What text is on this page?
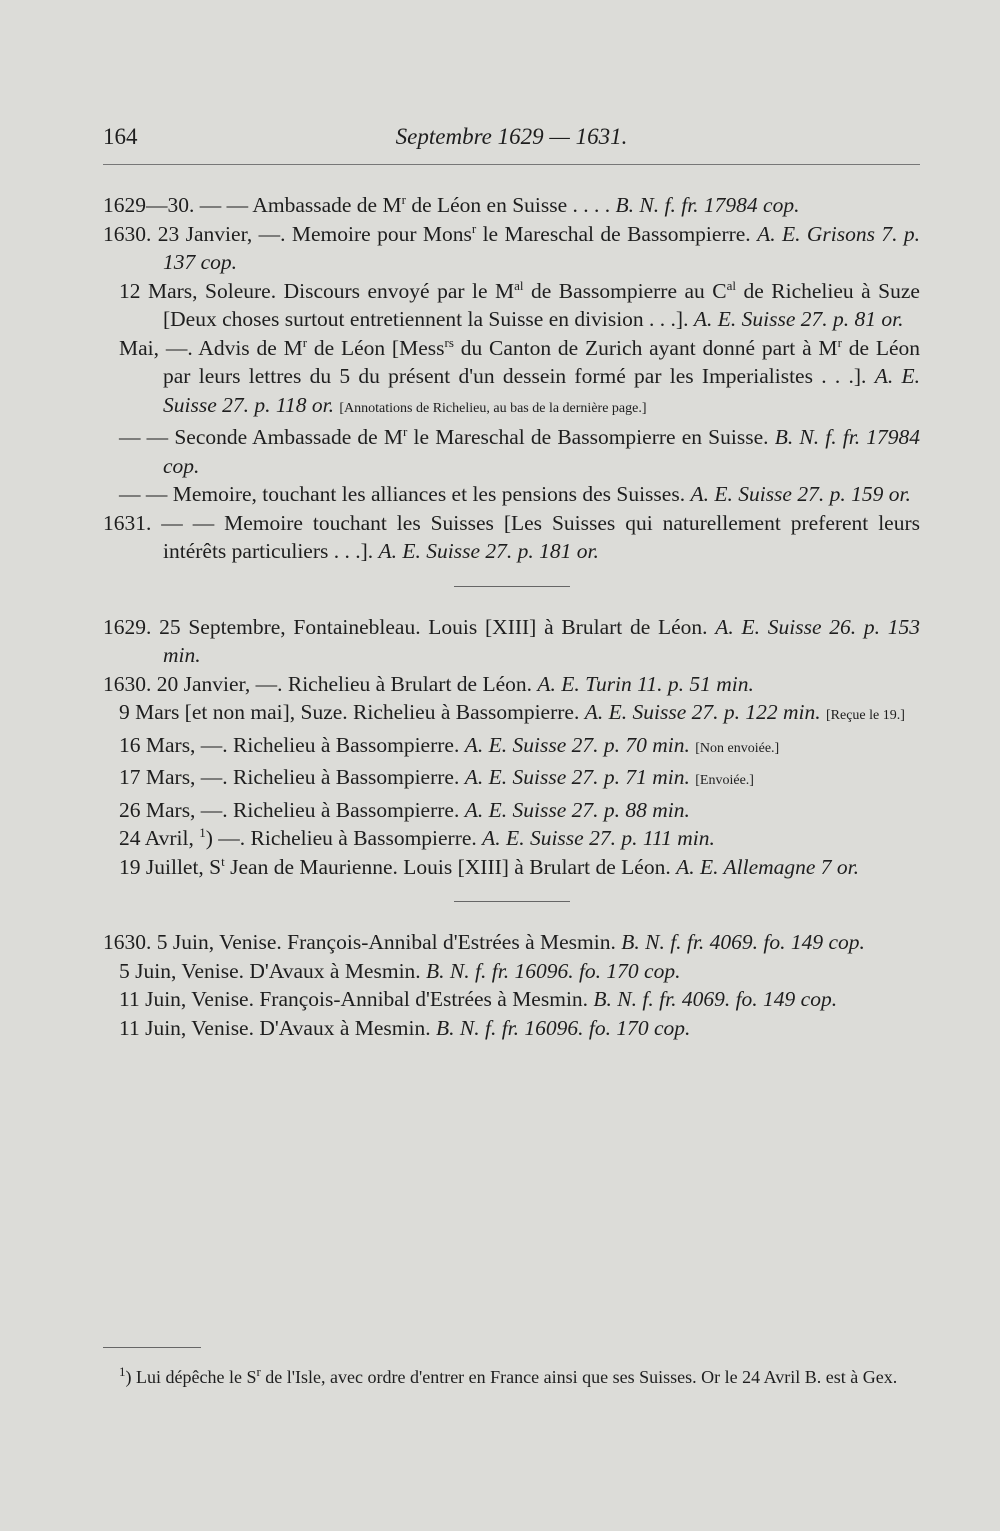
164	Septembre 1629 — 1631.

1629—30. — — Ambassade de $M^r$ de Léon en Suisse . . . . B. N. f. fr. 17984 cop.

1630. 23 Janvier, —. Memoire pour Mons$^r$ le Mareschal de Bassompierre. A. E. Grisons 7. p. 137 cop.

12 Mars, Soleure. Discours envoyé par le $M^{al}$ de Bassompierre au $C^{al}$ de Richelieu à Suze [Deux choses surtout entretiennent la Suisse en division . . .]. A. E. Suisse 27. p. 81 or.

Mai, —. Advis de $M^r$ de Léon [Mess$^{rs}$ du Canton de Zurich ayant donné part à $M^r$ de Léon par leurs lettres du 5 du présent d'un dessein formé par les Imperialistes . . .]. A. E. Suisse 27. p. 118 or. [Annotations de Richelieu, au bas de la dernière page.]

— — Seconde Ambassade de $M^r$ le Mareschal de Bassompierre en Suisse. B. N. f. fr. 17984 cop.

— — Memoire, touchant les alliances et les pensions des Suisses. A. E. Suisse 27. p. 159 or.

1631. — — Memoire touchant les Suisses [Les Suisses qui naturellement preferent leurs intérêts particuliers . . .]. A. E. Suisse 27. p. 181 or.

1629. 25 Septembre, Fontainebleau. Louis [XIII] à Brulart de Léon. A. E. Suisse 26. p. 153 min.

1630. 20 Janvier, —. Richelieu à Brulart de Léon. A. E. Turin 11. p. 51 min.

9 Mars [et non mai], Suze. Richelieu à Bassompierre. A. E. Suisse 27. p. 122 min. [Reçue le 19.]

16 Mars, —. Richelieu à Bassompierre. A. E. Suisse 27. p. 70 min. [Non envoiée.]

17 Mars, —. Richelieu à Bassompierre. A. E. Suisse 27. p. 71 min. [Envoiée.]

26 Mars, —. Richelieu à Bassompierre. A. E. Suisse 27. p. 88 min.

24 Avril, $^1$) —. Richelieu à Bassompierre. A. E. Suisse 27. p. 111 min.

19 Juillet, $S^t$ Jean de Maurienne. Louis [XIII] à Brulart de Léon. A. E. Allemagne 7 or.

1630. 5 Juin, Venise. François-Annibal d'Estrées à Mesmin. B. N. f. fr. 4069. fo. 149 cop.

5 Juin, Venise. D'Avaux à Mesmin. B. N. f. fr. 16096. fo. 170 cop.

11 Juin, Venise. François-Annibal d'Estrées à Mesmin. B. N. f. fr. 4069. fo. 149 cop.

11 Juin, Venise. D'Avaux à Mesmin. B. N. f. fr. 16096. fo. 170 cop.

$^1$) Lui dépêche le $S^r$ de l'Isle, avec ordre d'entrer en France ainsi que ses Suisses. Or le 24 Avril B. est à Gex.
